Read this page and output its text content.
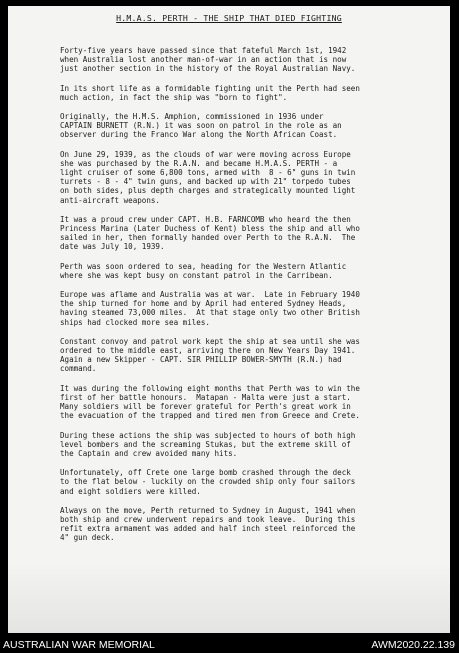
H.M.A.S. PERTH - THE SHIP THAT DIED FIGHTING

Forty-five years have passed since that fateful March 1st, 1942
when Australia lost another man-of-war in an action that is now
just another section in the history of the Royal Australian Navy.

In its short life as a formidable fighting unit the Perth had seen
much action, in fact the ship was "born to fight".

Originally, the H.M.S. Amphion, commissioned in 1936 under
CAPTAIN BURNETT (R.N.) it was soon on patrol in the role as an
observer during the Franco War along the North African Coast.

On June 29, 1939, as the clouds of war were moving across Europe
she was purchased by the R.A.N. and became H.M.A.S. PERTH - a
light cruiser of some 6,800 tons, armed with  8 - 6" guns in twin
turrets - 8 - 4" twin guns, and backed up with 21" torpedo tubes
on both sides, plus depth charges and strategically mounted light
anti-aircraft weapons.

It was a proud crew under CAPT. H.B. FARNCOMB who heard the then
Princess Marina (Later Duchess of Kent) bless the ship and all who
sailed in her, then formally handed over Perth to the R.A.N.  The
date was July 10, 1939.

Perth was soon ordered to sea, heading for the Western Atlantic
where she was kept busy on constant patrol in the Carribean.

Europe was aflame and Australia was at war.  Late in February 1940
the ship turned for home and by April had entered Sydney Heads,
having steamed 73,000 miles.  At that stage only two other British
ships had clocked more sea miles.

Constant convoy and patrol work kept the ship at sea until she was
ordered to the middle east, arriving there on New Years Day 1941.
Again a new Skipper - CAPT. SIR PHILLIP BOWER-SMYTH (R.N.) had
command.

It was during the following eight months that Perth was to win the
first of her battle honours.  Matapan - Malta were just a start.
Many soldiers will be forever grateful for Perth's great work in
the evacuation of the trapped and tired men from Greece and Crete.

During these actions the ship was subjected to hours of both high
level bombers and the screaming Stukas, but the extreme skill of
the Captain and crew avoided many hits.

Unfortunately, off Crete one large bomb crashed through the deck
to the flat below - luckily on the crowded ship only four sailors
and eight soldiers were killed.

Always on the move, Perth returned to Sydney in August, 1941 when
both ship and crew underwent repairs and took leave.  During this
refit extra armament was added and half inch steel reinforced the
4" gun deck.

AUSTRALIAN WAR MEMORIAL	AWM2020.22.139
